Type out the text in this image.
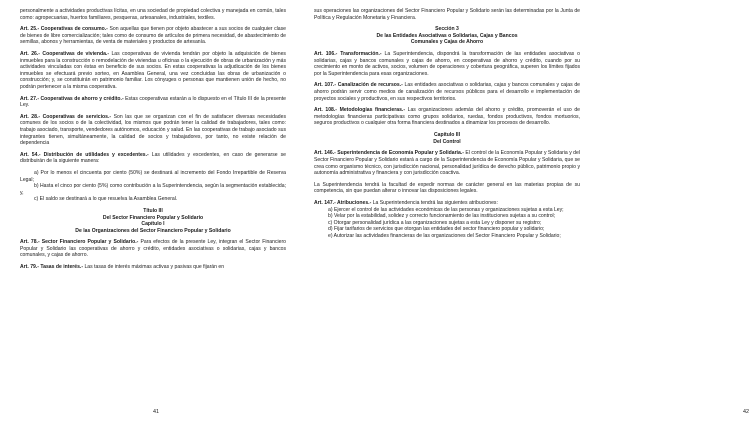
personalmente a actividades productivas lícitas, en una sociedad de propiedad colectiva y manejada en común, tales como: agropecuarias, huertos familiares, pesqueras, artesanales, industriales, textiles.

Art. 25.- Cooperativas de consumo.- Son aquellas que tienen por objeto abastecer a sus socios de cualquier clase de bienes de libre comercialización; tales como de consumo de artículos de primera necesidad, de abastecimiento de semillas, abonos y herramientas, de venta de materiales y productos de artesanía.

Art. 26.- Cooperativas de vivienda.- Las cooperativas de vivienda tendrán por objeto la adquisición de bienes inmuebles para la construcción o remodelación de viviendas u oficinas o la ejecución de obras de urbanización y más actividades vinculadas con éstas en beneficio de sus socios. En estas cooperativas la adjudicación de los bienes inmuebles se efectuará previo sorteo, en Asamblea General, una vez concluidas las obras de urbanización o construcción; y, se constituirán en patrimonio familiar. Los cónyuges o personas que mantienen unión de hecho, no podrán pertenecer a la misma cooperativa.

Art. 27.- Cooperativas de ahorro y crédito.- Estas cooperativas estarán a lo dispuesto en el Título III de la presente Ley.

Art. 28.- Cooperativas de servicios.- Son las que se organizan con el fin de satisfacer diversas necesidades comunes de los socios o de la colectividad, los mismos que podrán tener la calidad de trabajadores, tales como: trabajo asociado, transporte, vendedores autónomos, educación y salud. En las cooperativas de trabajo asociado sus integrantes tienen, simultáneamente, la calidad de socios y trabajadores, por tanto, no existe relación de dependencia

Art. 54.- Distribución de utilidades y excedentes.- Las utilidades y excedentes, en caso de generarse se distribuirán de la siguiente manera:

a) Por lo menos el cincuenta por ciento (50%) se destinará al incremento del Fondo Irrepartible de Reserva Legal;

b) Hasta el cinco por ciento (5%) como contribución a la Superintendencia, según la segmentación establecida; y,

c) El saldo se destinará a lo que resuelva la Asamblea General.

Título III

Del Sector Financiero Popular y Solidario

Capítulo I

De las Organizaciones del Sector Financiero Popular y Solidario

Art. 78.- Sector Financiero Popular y Solidario.- Para efectos de la presente Ley, integran el Sector Financiero Popular y Solidario las cooperativas de ahorro y crédito, entidades asociativas o solidarias, cajas y bancos comunales, y cajas de ahorro.

Art. 79.- Tasas de interés.- Las tasas de interés máximas activas y pasivas que fijarán en

41

sus operaciones las organizaciones del Sector Financiero Popular y Solidario serán las determinadas por la Junta de Política y Regulación Monetaria y Financiera.

Sección 3

De las Entidades Asociativas o Solidarias, Cajas y Bancos

Comunales y Cajas de Ahorro

Art. 106.- Transformación.- La Superintendencia, dispondrá la transformación de las entidades asociativas o solidarias, cajas y bancos comunales y cajas de ahorro, en cooperativas de ahorro y crédito, cuando por su crecimiento en monto de activos, socios, volumen de operaciones y cobertura geográfica, superen los límites fijados por la Superintendencia para esas organizaciones.

Art. 107.- Canalización de recursos.- Las entidades asociativas o solidarias, cajas y bancos comunales y cajas de ahorro podrán servir como medios de canalización de recursos públicos para el desarrollo e implementación de proyectos sociales y productivos, en sus respectivos territorios.

Art. 108.- Metodologías financieras.- Las organizaciones además del ahorro y crédito, promoverán el uso de metodologías financieras participativas como grupos solidarios, ruedas, fondos productivos, fondos mortuorios, seguros productivos o cualquier otra forma financiera destinados a dinamizar los procesos de desarrollo.

Capítulo III

Del Control

Art. 146.- Superintendencia de Economía Popular y Solidaria.- El control de la Economía Popular y Solidaria y del Sector Financiero Popular y Solidario estará a cargo de la Superintendencia de Economía Popular y Solidaria, que se crea como organismo técnico, con jurisdicción nacional, personalidad jurídica de derecho público, patrimonio propio y autonomía administrativa y financiera y con jurisdicción coactiva.

La Superintendencia tendrá la facultad de expedir normas de carácter general en las materias propias de su competencia, sin que puedan alterar o innovar las disposiciones legales.

Art. 147.- Atribuciones.- La Superintendencia tendrá las siguientes atribuciones:

a) Ejercer el control de las actividades económicas de las personas y organizaciones sujetas a esta Ley;

b) Velar por la estabilidad, solidez y correcto funcionamiento de las instituciones sujetas a su control;

c) Otorgar personalidad jurídica a las organizaciones sujetas a esta Ley y disponer su registro;

d) Fijar tarifarios de servicios que otorgan las entidades del sector financiero popular y solidario;

e) Autorizar las actividades financieras de las organizaciones del Sector Financiero Popular y Solidario;

42
